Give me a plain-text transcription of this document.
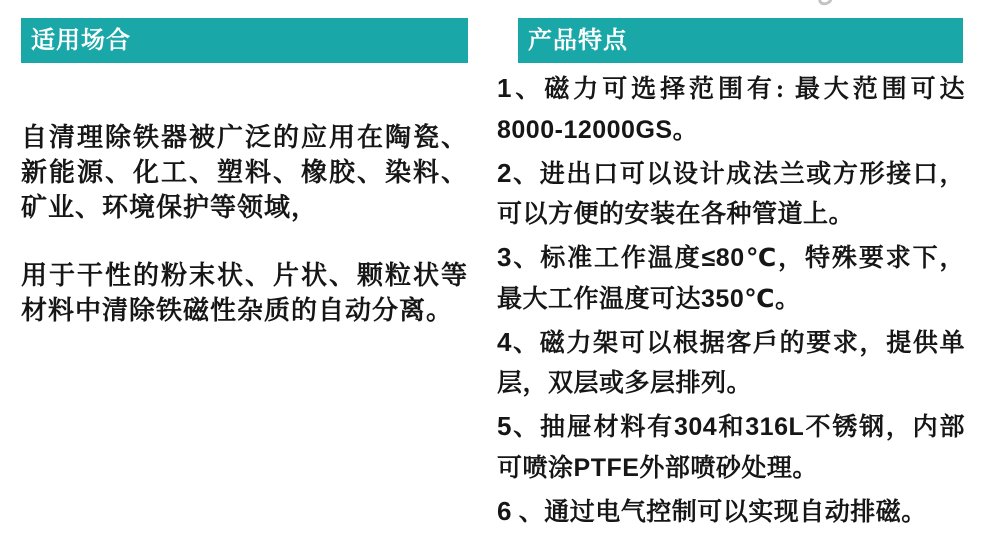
适用场合

自清理除铁器被广泛的应用在陶瓷、新能源、化工、塑料、橡胶、染料、矿业、环境保护等领域，

用于干性的粉末状、片状、颗粒状等材料中清除铁磁性杂质的自动分离。

产品特点
1、磁力可选择范围有: 最大范围可达8000-12000GS。
2、进出口可以设计成法兰或方形接口，可以方便的安装在各种管道上。
3、标准工作温度≤80℃，特殊要求下，最大工作温度可达350℃。
4、磁力架可以根据客戶的要求，提供单层，双层或多层排列。
5、抽屉材料有304和316L不锈钢，内部可喷涂PTFE外部喷砂处理。
6 、通过电气控制可以实现自动排磁。
